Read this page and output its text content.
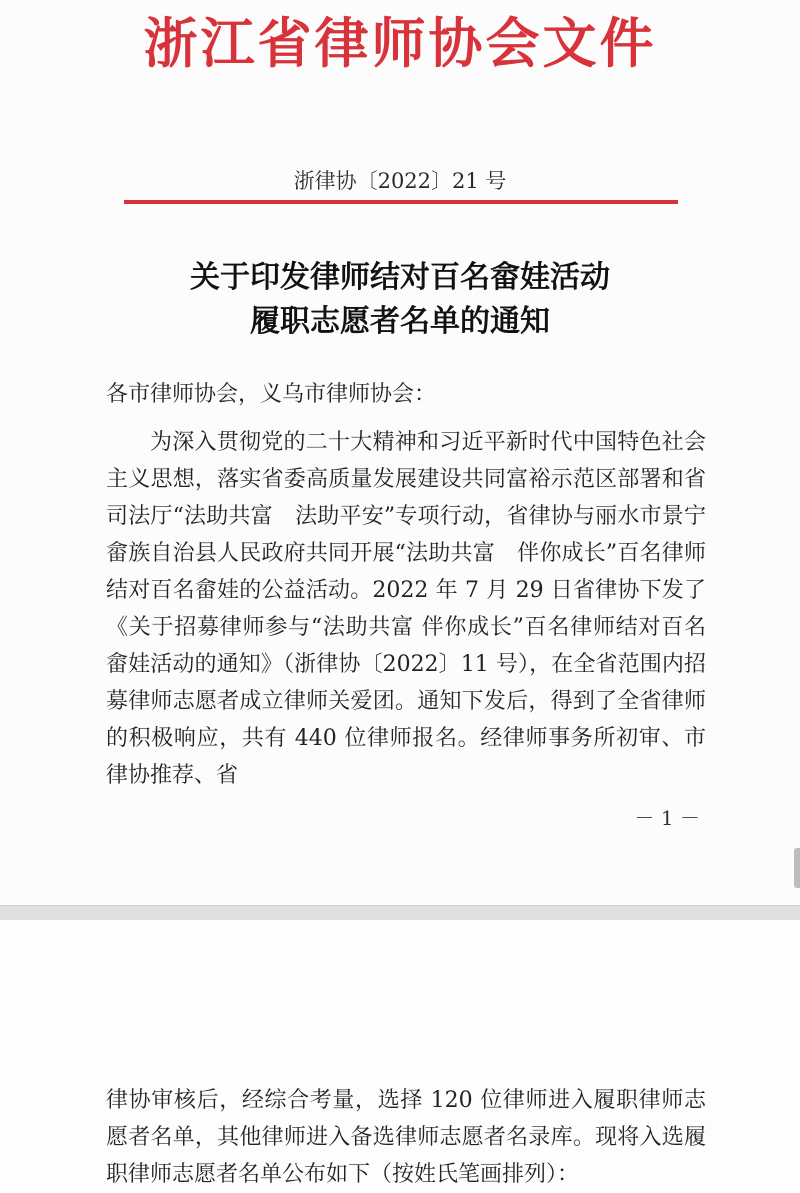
浙江省律师协会文件
浙律协〔2022〕21 号
关于印发律师结对百名畲娃活动
履职志愿者名单的通知
各市律师协会，义乌市律师协会：

为深入贯彻党的二十大精神和习近平新时代中国特色社会主义思想，落实省委高质量发展建设共同富裕示范区部署和省司法厅“法助共富　法助平安”专项行动，省律协与丽水市景宁畲族自治县人民政府共同开展“法助共富　伴你成长”百名律师结对百名畲娃的公益活动。2022 年 7 月 29 日省律协下发了《关于招募律师参与“法助共富 伴你成长”百名律师结对百名畲娃活动的通知》（浙律协〔2022〕11 号），在全省范围内招募律师志愿者成立律师关爱团。通知下发后，得到了全省律师的积极响应，共有 440 位律师报名。经律师事务所初审、市律协推荐、省

－ 1 －

律协审核后，经综合考量，选择 120 位律师进入履职律师志愿者名单，其他律师进入备选律师志愿者名录库。现将入选履职律师志愿者名单公布如下（按姓氏笔画排列）：
